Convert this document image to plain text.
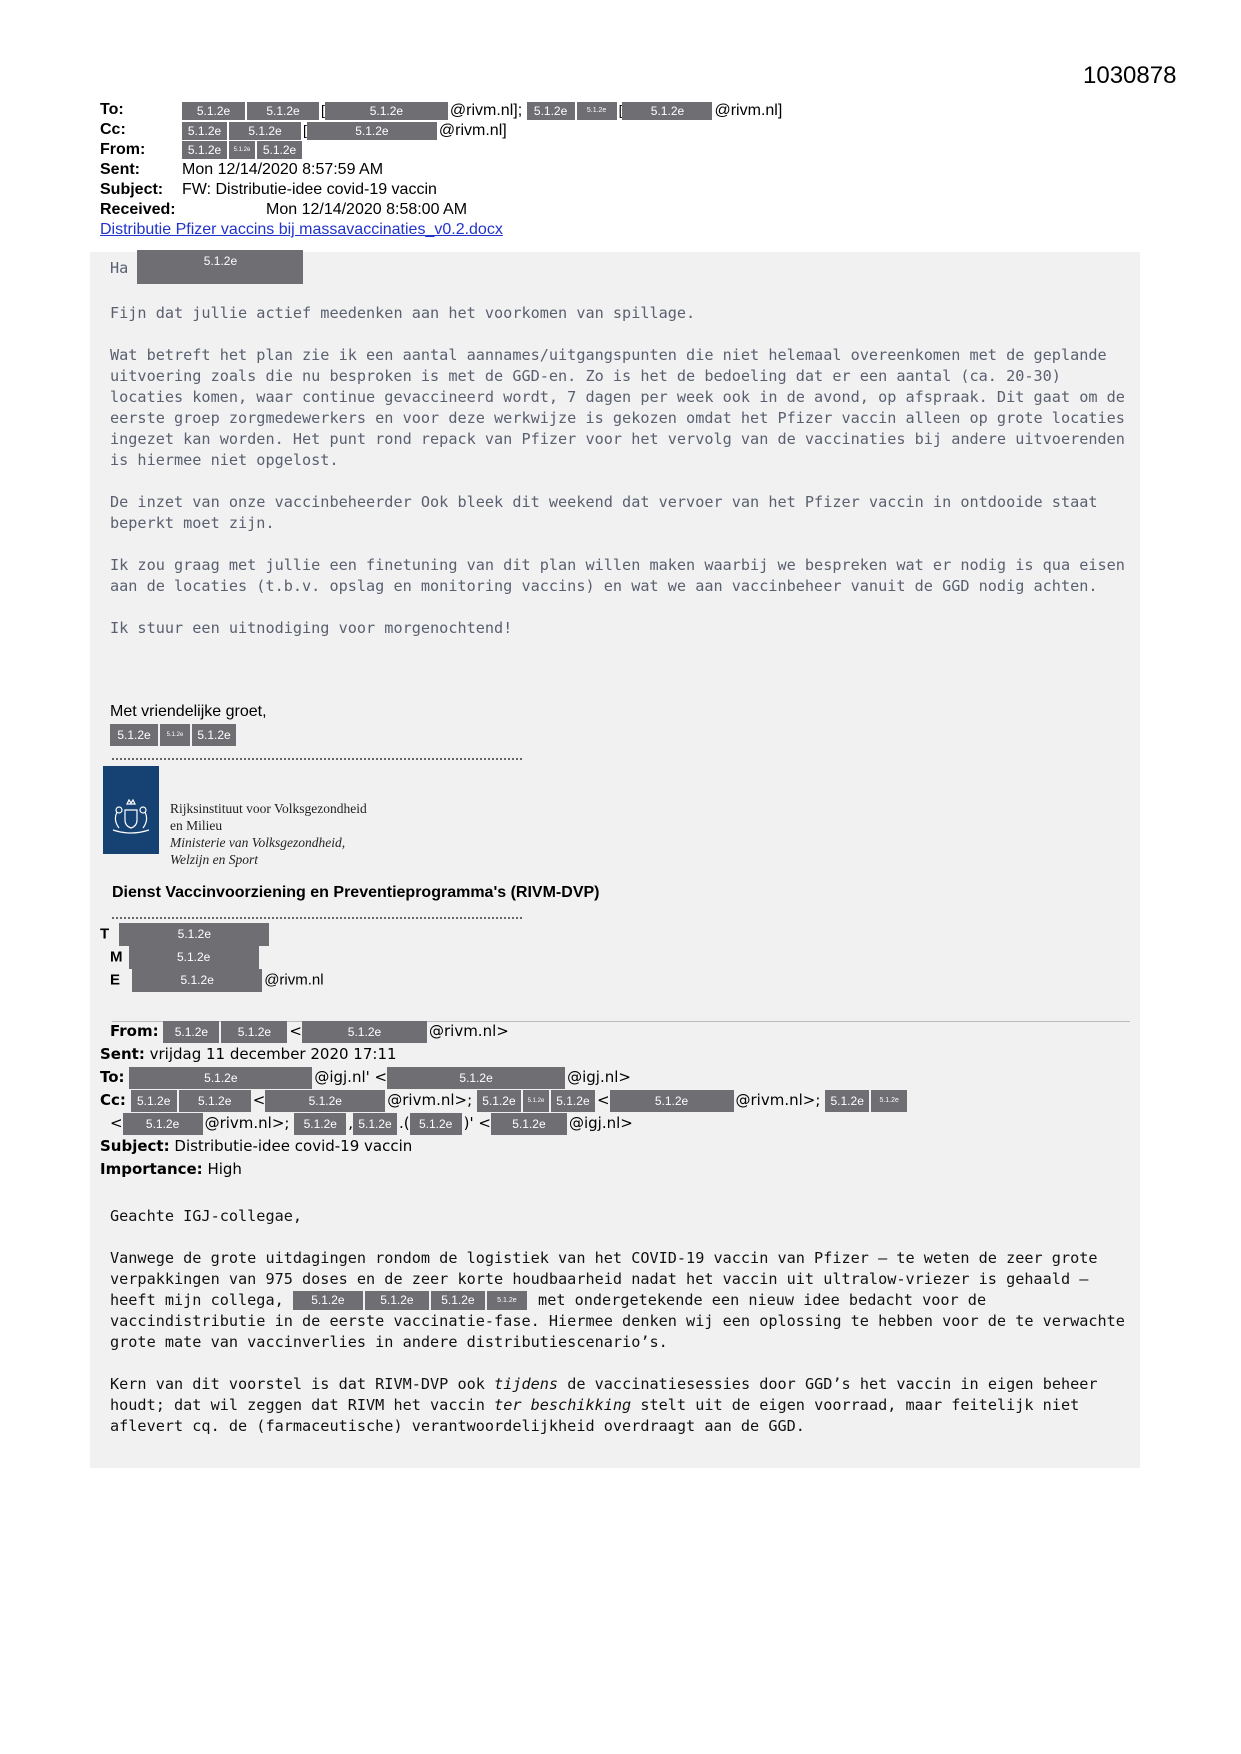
1030878
To:	5.1.2e	5.1.2e [	5.1.2e	@rivm.nl]; 5.1.2e	5.1.2e [ 5.1.2e @rivm.nl]
Cc:	5.1.2e 5.1.2e [	5.1.2e	@rivm.nl]
From:	5.1.2e 5.1.2e 5.1.2e
Sent:	Mon 12/14/2020 8:57:59 AM
Subject: FW: Distributie-idee covid-19 vaccin
Received:	Mon 12/14/2020 8:58:00 AM
Distributie Pfizer vaccins bij massavaccinaties_v0.2.docx
Ha	5.1.2e

Fijn dat jullie actief meedenken aan het voorkomen van spillage.

Wat betreft het plan zie ik een aantal aannames/uitgangspunten die niet helemaal overeenkomen met de geplande uitvoering zoals die nu besproken is met de GGD-en. Zo is het de bedoeling dat er een aantal (ca. 20-30) locaties komen, waar continue gevaccineerd wordt, 7 dagen per week ook in de avond, op afspraak. Dit gaat om de eerste groep zorgmedewerkers en voor deze werkwijze is gekozen omdat het Pfizer vaccin alleen op grote locaties ingezet kan worden. Het punt rond repack van Pfizer voor het vervolg van de vaccinaties bij andere uitvoerenden is hiermee niet opgelost.

De inzet van onze vaccinbeheerder Ook bleek dit weekend dat vervoer van het Pfizer vaccin in ontdooide staat beperkt moet zijn.

Ik zou graag met jullie een finetuning van dit plan willen maken waarbij we bespreken wat er nodig is qua eisen aan de locaties (t.b.v. opslag en monitoring vaccins) en wat we aan vaccinbeheer vanuit de GGD nodig achten.

Ik stuur een uitnodiging voor morgenochtend!

Met vriendelijke groet,
5.1.2e	5.1.2e 5.1.2e
Rijksinstituut voor Volksgezondheid
en Milieu
Ministerie van Volksgezondheid,
Welzijn en Sport
Dienst Vaccinvoorziening en Preventieprogramma's (RIVM-DVP)
T	5.1.2e
M	5.1.2e
E	5.1.2e	@rivm.nl
From: 5.1.2e 5.1.2e <	5.1.2e	@rivm.nl>
Sent: vrijdag 11 december 2020 17:11
To:	5.1.2e	@igj.nl' <	5.1.2e	@igj.nl>
Cc: 5.1.2e 5.1.2e <	5.1.2e	@rivm.nl>; 5.1.2e 5.1.2e 5.1.2e <	5.1.2e	@rivm.nl>; 5.1.2e 5.1.2e
< 5.1.2e @rivm.nl>; 5.1.2e , 5.1.2e .( 5.1.2e )' < 5.1.2e @igj.nl>
Subject: Distributie-idee covid-19 vaccin
Importance: High

Geachte IGJ-collegae,

Vanwege de grote uitdagingen rondom de logistiek van het COVID-19 vaccin van Pfizer – te weten de zeer grote verpakkingen van 975 doses en de zeer korte houdbaarheid nadat het vaccin uit ultralow-vriezer is gehaald – heeft mijn collega, 5.1.2e	5.1.2e 5.1.2e	5.1.2e met ondergetekende een nieuw idee bedacht voor de vaccindistributie in de eerste vaccinatie-fase. Hiermee denken wij een oplossing te hebben voor de te verwachte grote mate van vaccinverlies in andere distributiescenario’s.

Kern van dit voorstel is dat RIVM-DVP ook tijdens de vaccinatiesessies door GGD’s het vaccin in eigen beheer houdt; dat wil zeggen dat RIVM het vaccin ter beschikking stelt uit de eigen voorraad, maar feitelijk niet aflevert cq. de (farmaceutische) verantwoordelijkheid overdraagt aan de GGD.
